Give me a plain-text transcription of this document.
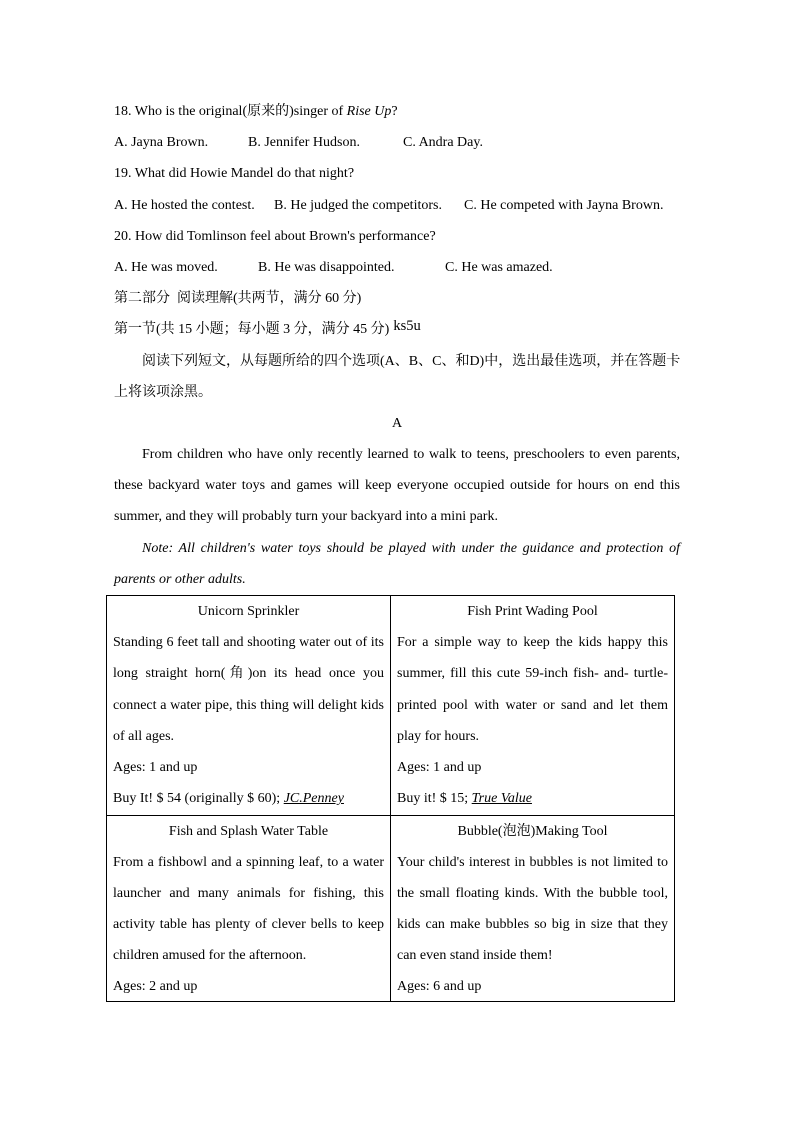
18. Who is the original(原来的)singer of Rise Up?
A. Jayna Brown.	B. Jennifer Hudson.	C. Andra Day.
19. What did Howie Mandel do that night?
A. He hosted the contest. B. He judged the competitors. C. He competed with Jayna Brown.
20. How did Tomlinson feel about Brown's performance?
A. He was moved.	B. He was disappointed.	C. He was amazed.
第二部分  阅读理解(共两节，满分 60 分)
第一节(共 15 小题；每小题 3 分，满分 45 分) ks5u
阅读下列短文，从每题所给的四个选项(A、B、C、和D)中，选出最佳选项，并在答题卡
上将该项涂黑。
A
From children who have only recently learned to walk to teens, preschoolers to even parents,
these backyard water toys and games will keep everyone occupied outside for hours on end this
summer, and they will probably turn your backyard into a mini park.
Note: All children's water toys should be played with under the guidance and protection of
parents or other adults.
Unicorn Sprinkler
Standing 6 feet tall and shooting water out of its
long straight horn(角)on its head once you
connect a water pipe, this thing will delight kids
of all ages.
Ages: 1 and up
Buy It! $ 54 (originally $ 60); JC.Penney
Fish Print Wading Pool
For a simple way to keep the kids happy this
summer, fill this cute 59-inch fish- and- turtle-
printed pool with water or sand and let them
play for hours.
Ages: 1 and up
Buy it! $ 15; True Value
Fish and Splash Water Table
From a fishbowl and a spinning leaf, to a water
launcher and many animals for fishing, this
activity table has plenty of clever bells to keep
children amused for the afternoon.
Ages: 2 and up
Bubble(泡泡)Making Tool
Your child's interest in bubbles is not limited to
the small floating kinds. With the bubble tool,
kids can make bubbles so big in size that they
can even stand inside them!
Ages: 6 and up
